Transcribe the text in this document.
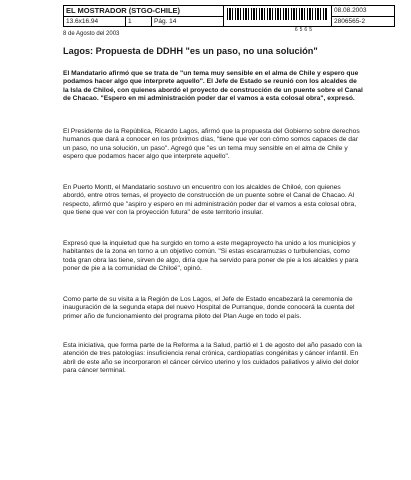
EL MOSTRADOR (STGO-CHILE)
13.6x16.94	1	Pág. 14
08.08.2003
2806565-2
6565
8 de Agosto del 2003
Lagos: Propuesta de DDHH "es un paso, no una solución"

El Mandatario afirmó que se trata de "un tema muy sensible en el alma de Chile y espero que podamos hacer algo que interprete aquello". El Jefe de Estado se reunió con los alcaldes de la Isla de Chiloé, con quienes abordó el proyecto de construcción de un puente sobre el Canal de Chacao. "Espero en mi administración poder dar el vamos a esta colosal obra", expresó.

El Presidente de la República, Ricardo Lagos, afirmó que la propuesta del Gobierno sobre derechos humanos que dará a conocer en los próximos días, "tiene que ver con cómo somos capaces de dar un paso, no una solución, un paso". Agregó que "es un tema muy sensible en el alma de Chile y espero que podamos hacer algo que interprete aquello".

En Puerto Montt, el Mandatario sostuvo un encuentro con los alcaldes de Chiloé, con quienes abordó, entre otros temas, el proyecto de construcción de un puente sobre el Canal de Chacao. Al respecto, afirmó que "aspiro y espero en mi administración poder dar el vamos a esta colosal obra, que tiene que ver con la proyección futura" de este territorio insular.

Expresó que la inquietud que ha surgido en torno a este megaproyecto ha unido a los municipios y habitantes de la zona en torno a un objetivo común. "Si estas escaramuzas o turbulencias, como toda gran obra las tiene, sirven de algo, diría que ha servido para poner de pie a los alcaldes y para poner de pie a la comunidad de Chiloé", opinó.

Como parte de su visita a la Región de Los Lagos, el Jefe de Estado encabezará la ceremonia de inauguración de la segunda etapa del nuevo Hospital de Purranque, donde conocerá la cuenta del primer año de funcionamiento del programa piloto del Plan Auge en todo el país.

Esta iniciativa, que forma parte de la Reforma a la Salud, partió el 1 de agosto del año pasado con la atención de tres patologías: insuficiencia renal crónica, cardiopatías congénitas y cáncer infantil. En abril de este año se incorporaron el cáncer cérvico uterino y los cuidados paliativos y alivio del dolor para cáncer terminal.
